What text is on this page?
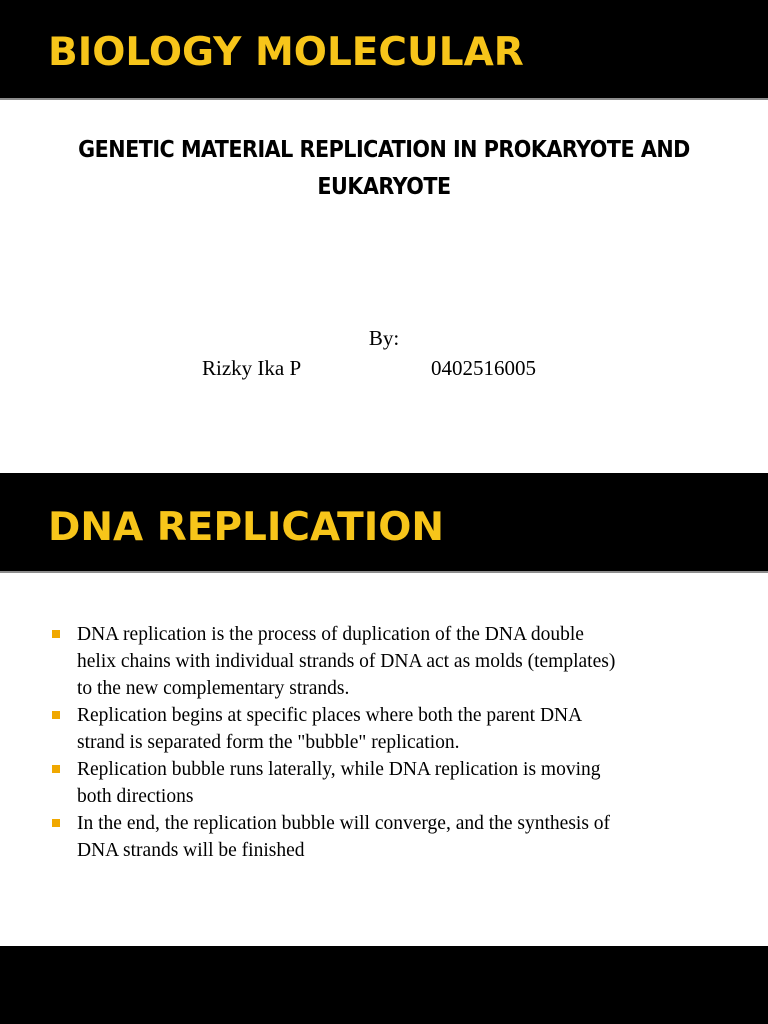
BIOLOGY MOLECULAR
GENETIC MATERIAL REPLICATION IN PROKARYOTE AND
EUKARYOTE
By:
Rizky Ika P	0402516005
DNA REPLICATION
DNA replication is the process of duplication of the DNA double
helix chains with individual strands of DNA act as molds (templates)
to the new complementary strands.
Replication begins at specific places where both the parent DNA
strand is separated form the "bubble" replication.
Replication bubble runs laterally, while DNA replication is moving
both directions
In the end, the replication bubble will converge, and the synthesis of
DNA strands will be finished
